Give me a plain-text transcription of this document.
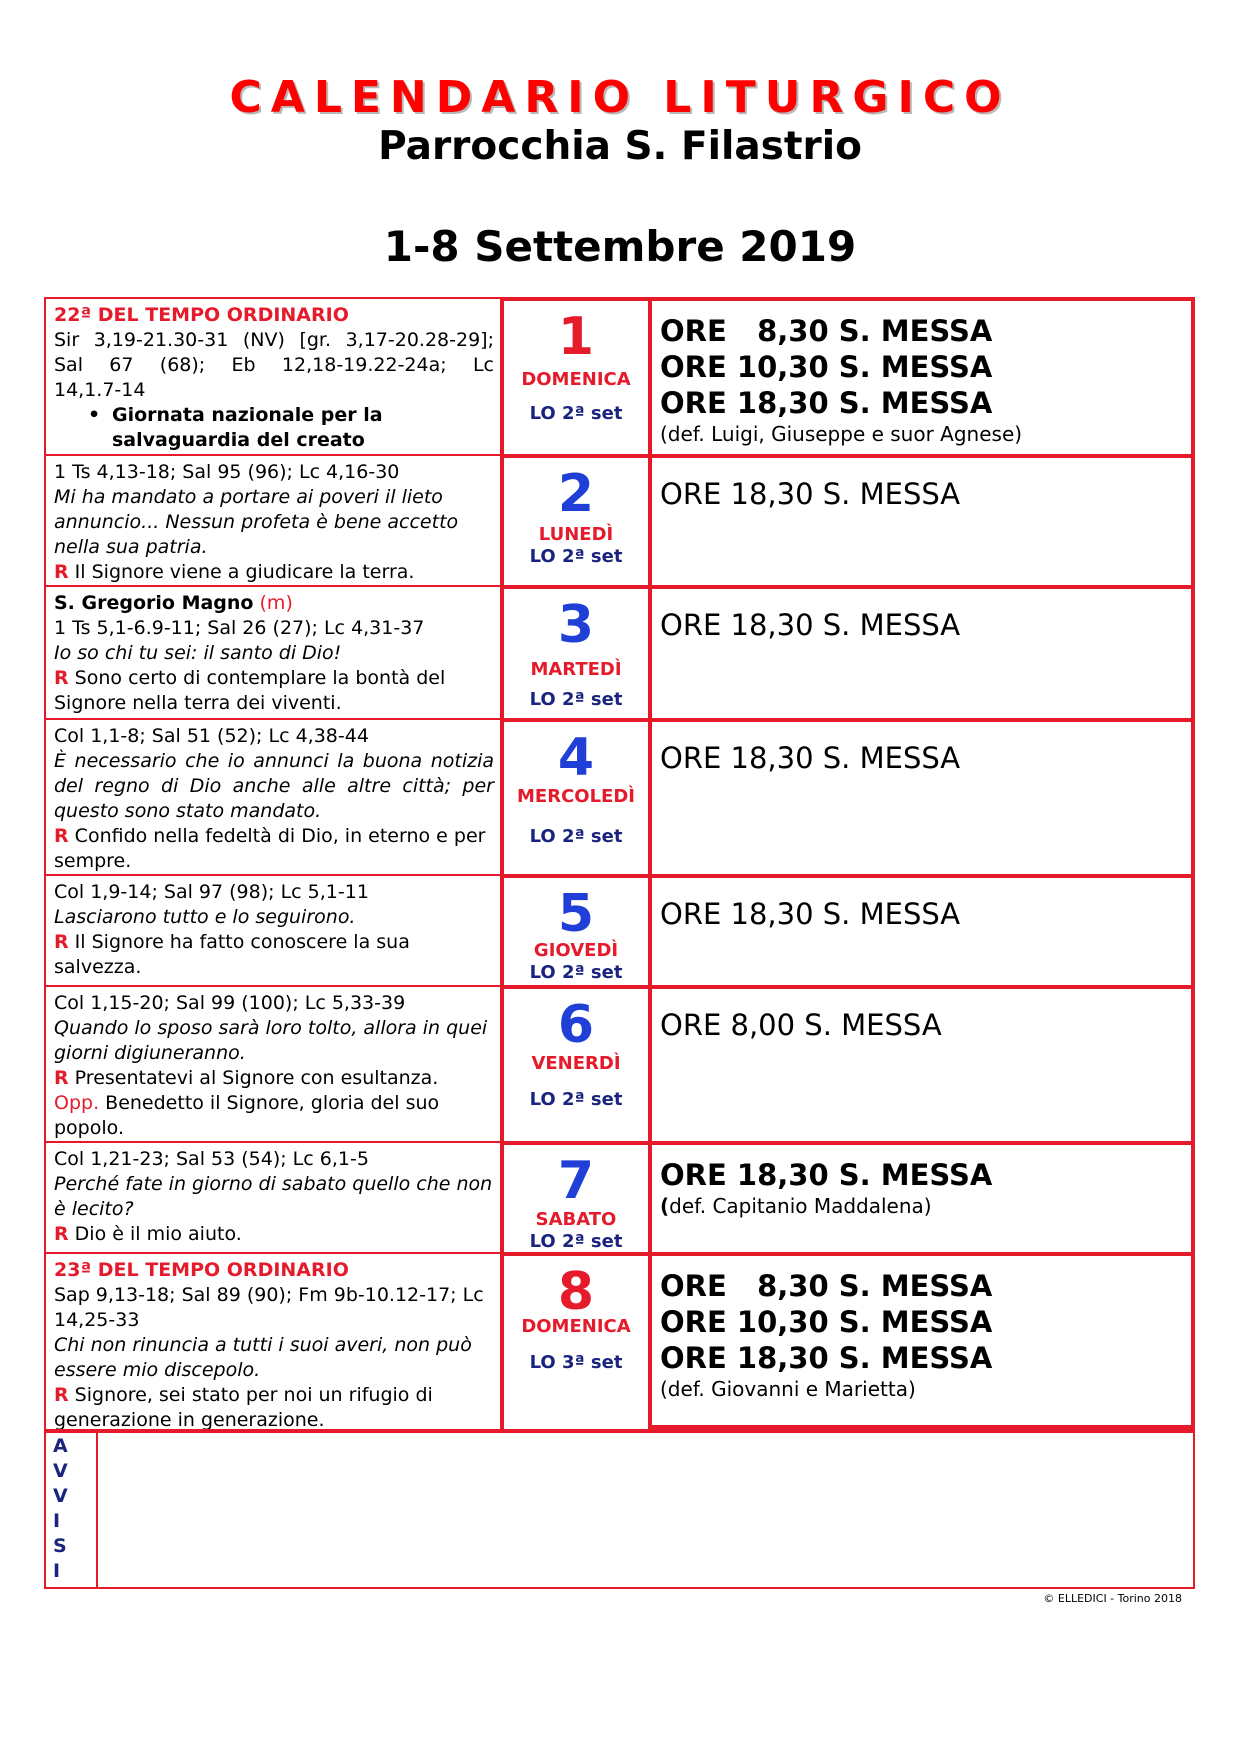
CALENDARIO LITURGICO
Parrocchia S. Filastrio
1-8 Settembre 2019
22ª DEL TEMPO ORDINARIO
Sir 3,19-21.30-31 (NV) [gr. 3,17-20.28-29];
Sal 67 (68); Eb 12,18-19.22-24a; Lc
14,1.7-14
• Giornata nazionale per la salvaguardia del creato
1
DOMENICA
LO 2ª set
ORE   8,30 S. MESSA
ORE 10,30 S. MESSA
ORE 18,30 S. MESSA
(def. Luigi, Giuseppe e suor Agnese)
1 Ts 4,13-18; Sal 95 (96); Lc 4,16-30
Mi ha mandato a portare ai poveri il lieto annuncio... Nessun profeta è bene accetto nella sua patria.
R Il Signore viene a giudicare la terra.
2
LUNEDÌ
LO 2ª set
ORE 18,30 S. MESSA
S. Gregorio Magno (m)
1 Ts 5,1-6.9-11; Sal 26 (27); Lc 4,31-37
Io so chi tu sei: il santo di Dio!
R Sono certo di contemplare la bontà del Signore nella terra dei viventi.
3
MARTEDÌ
LO 2ª set
ORE 18,30 S. MESSA
Col 1,1-8; Sal 51 (52); Lc 4,38-44
È necessario che io annunci la buona notizia del regno di Dio anche alle altre città; per questo sono stato mandato.
R Confido nella fedeltà di Dio, in eterno e per sempre.
4
MERCOLEDÌ
LO 2ª set
ORE 18,30 S. MESSA
Col 1,9-14; Sal 97 (98); Lc 5,1-11
Lasciarono tutto e lo seguirono.
R Il Signore ha fatto conoscere la sua salvezza.
5
GIOVEDÌ
LO 2ª set
ORE 18,30 S. MESSA
Col 1,15-20; Sal 99 (100); Lc 5,33-39
Quando lo sposo sarà loro tolto, allora in quei giorni digiuneranno.
R Presentatevi al Signore con esultanza.
Opp. Benedetto il Signore, gloria del suo popolo.
6
VENERDÌ
LO 2ª set
ORE 8,00 S. MESSA
Col 1,21-23; Sal 53 (54); Lc 6,1-5
Perché fate in giorno di sabato quello che non è lecito?
R Dio è il mio aiuto.
7
SABATO
LO 2ª set
ORE 18,30 S. MESSA
(def. Capitanio Maddalena)
23ª DEL TEMPO ORDINARIO
Sap 9,13-18; Sal 89 (90); Fm 9b-10.12-17; Lc 14,25-33
Chi non rinuncia a tutti i suoi averi, non può essere mio discepolo.
R Signore, sei stato per noi un rifugio di generazione in generazione.
8
DOMENICA
LO 3ª set
ORE   8,30 S. MESSA
ORE 10,30 S. MESSA
ORE 18,30 S. MESSA
(def. Giovanni e Marietta)
A
V
V
I
S
I
© ELLEDICI - Torino 2018
